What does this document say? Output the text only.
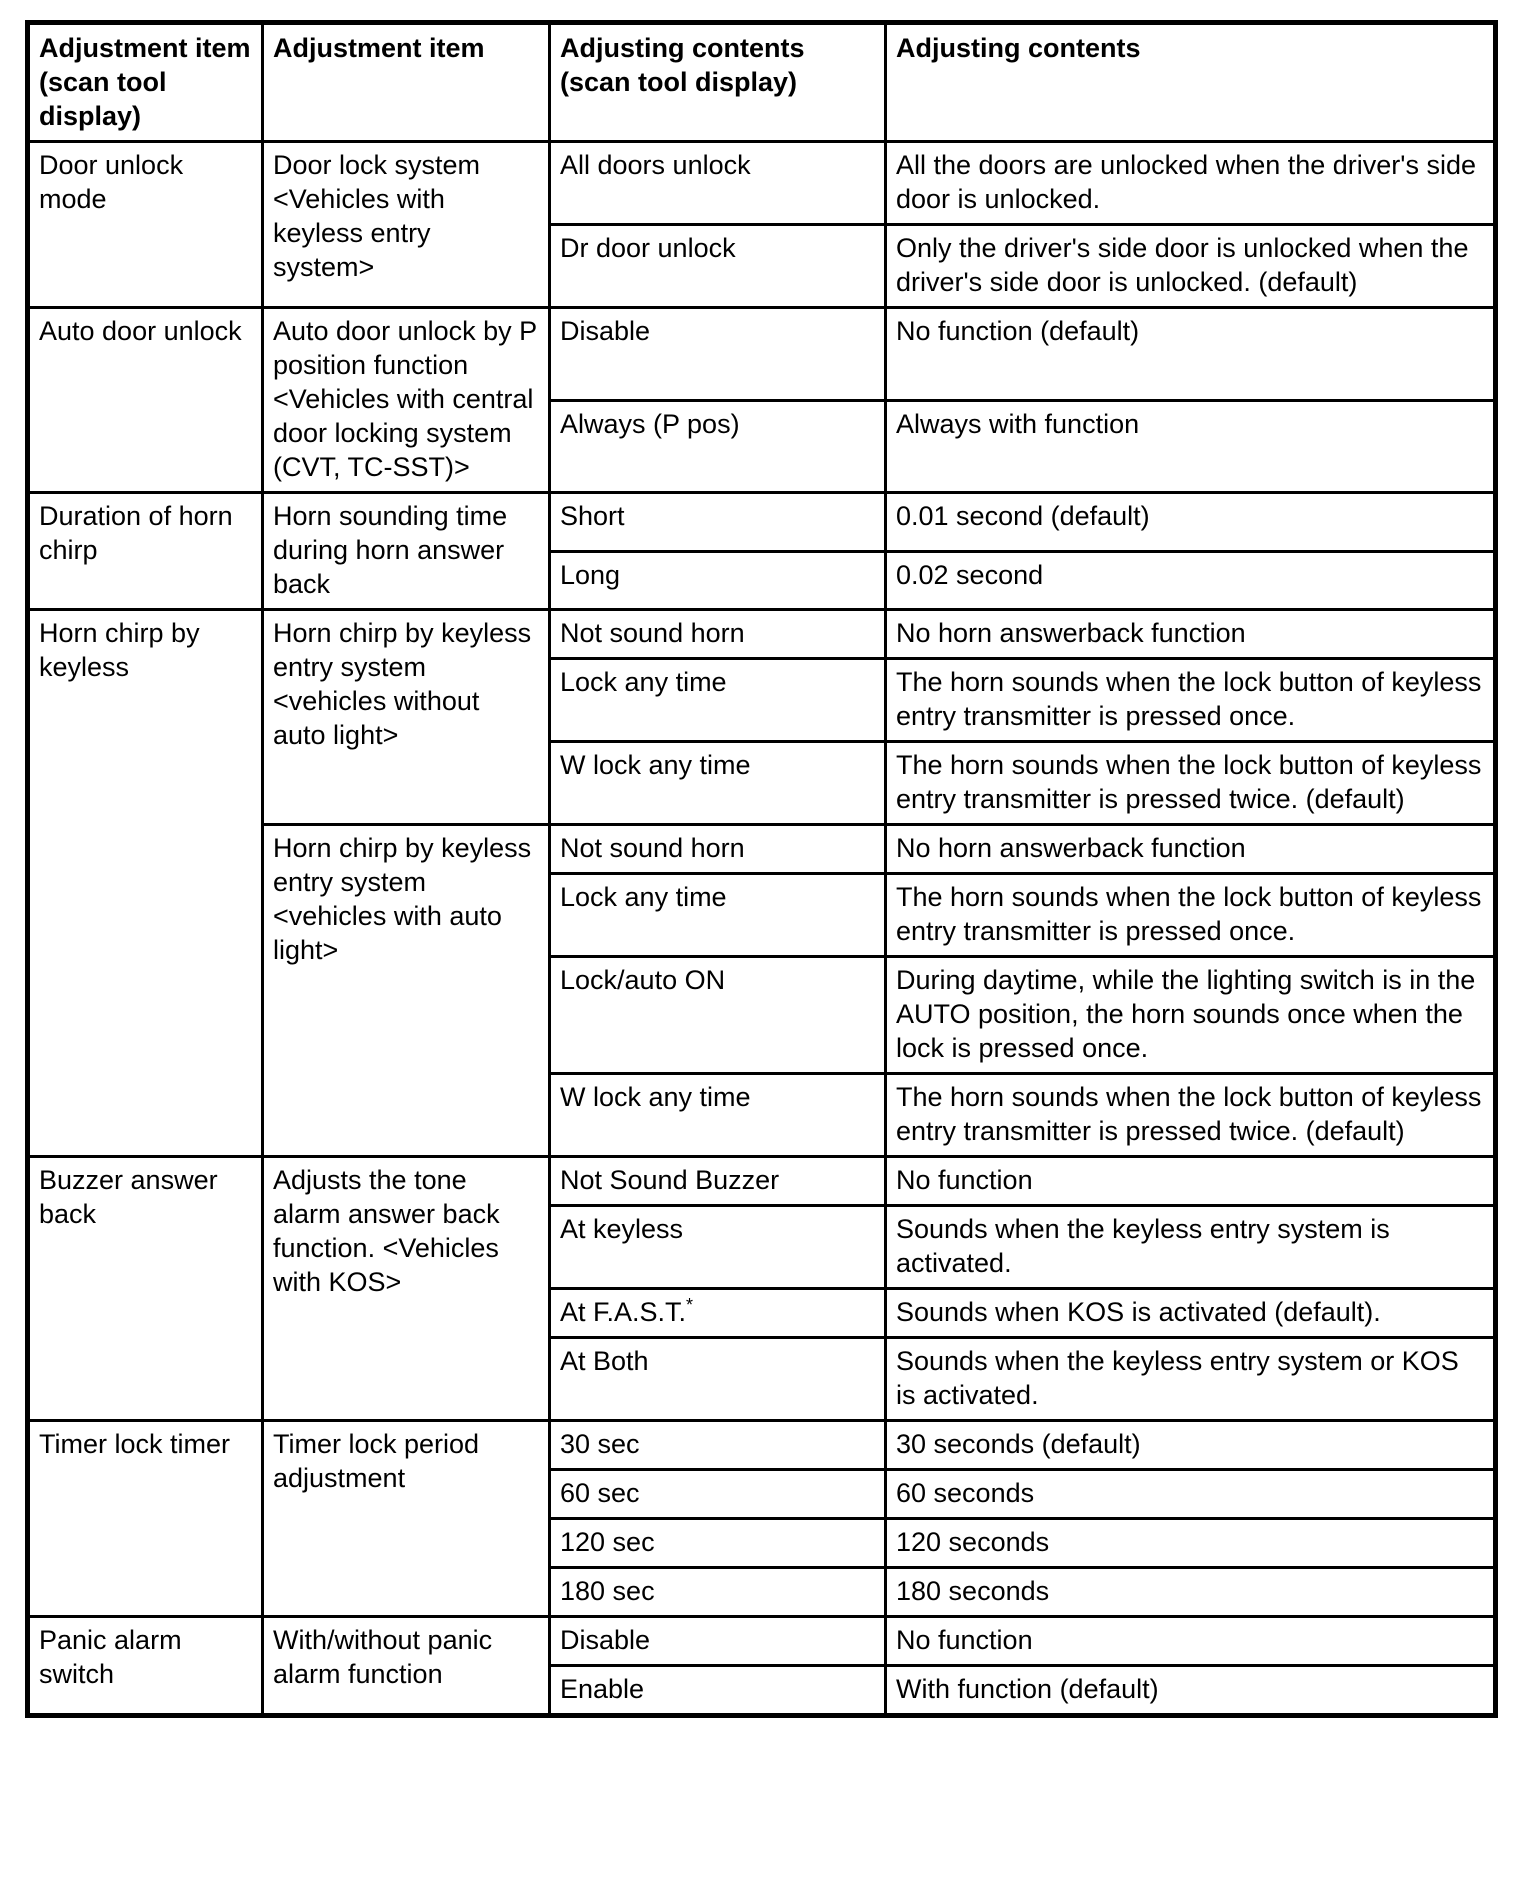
Adjustment item (scan tool display)	Adjustment item	Adjusting contents (scan tool display)	Adjusting contents
Door unlock mode	Door lock system <Vehicles with keyless entry system>	All doors unlock	All the doors are unlocked when the driver's side door is unlocked.
		Dr door unlock	Only the driver's side door is unlocked when the driver's side door is unlocked. (default)
Auto door unlock	Auto door unlock by P position function <Vehicles with central door locking system (CVT, TC-SST)>	Disable	No function (default)
		Always (P pos)	Always with function
Duration of horn chirp	Horn sounding time during horn answer back	Short	0.01 second (default)
		Long	0.02 second
Horn chirp by keyless	Horn chirp by keyless entry system <vehicles without auto light>	Not sound horn	No horn answerback function
		Lock any time	The horn sounds when the lock button of keyless entry transmitter is pressed once.
		W lock any time	The horn sounds when the lock button of keyless entry transmitter is pressed twice. (default)
	Horn chirp by keyless entry system <vehicles with auto light>	Not sound horn	No horn answerback function
		Lock any time	The horn sounds when the lock button of keyless entry transmitter is pressed once.
		Lock/auto ON	During daytime, while the lighting switch is in the AUTO position, the horn sounds once when the lock is pressed once.
		W lock any time	The horn sounds when the lock button of keyless entry transmitter is pressed twice. (default)
Buzzer answer back	Adjusts the tone alarm answer back function. <Vehicles with KOS>	Not Sound Buzzer	No function
		At keyless	Sounds when the keyless entry system is activated.
		At F.A.S.T.*	Sounds when KOS is activated (default).
		At Both	Sounds when the keyless entry system or KOS is activated.
Timer lock timer	Timer lock period adjustment	30 sec	30 seconds (default)
		60 sec	60 seconds
		120 sec	120 seconds
		180 sec	180 seconds
Panic alarm switch	With/without panic alarm function	Disable	No function
		Enable	With function (default)
